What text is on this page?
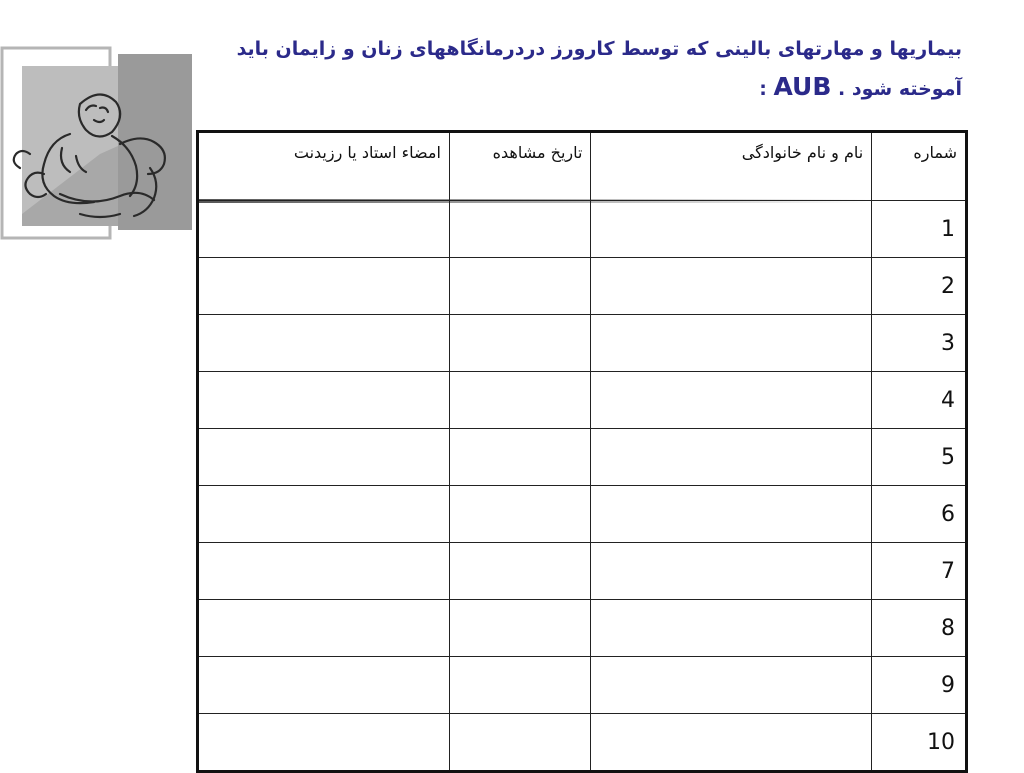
بیماریها و مهارتهای بالینی که توسط کارورز دردرمانگاههای زنان و زایمان باید
آموخته شود . AUB :
شماره	نام و نام خانوادگی	تاریخ مشاهده	امضاء استاد یا رزیدنت
1			
2			
3			
4			
5			
6			
7			
8			
9			
10			
